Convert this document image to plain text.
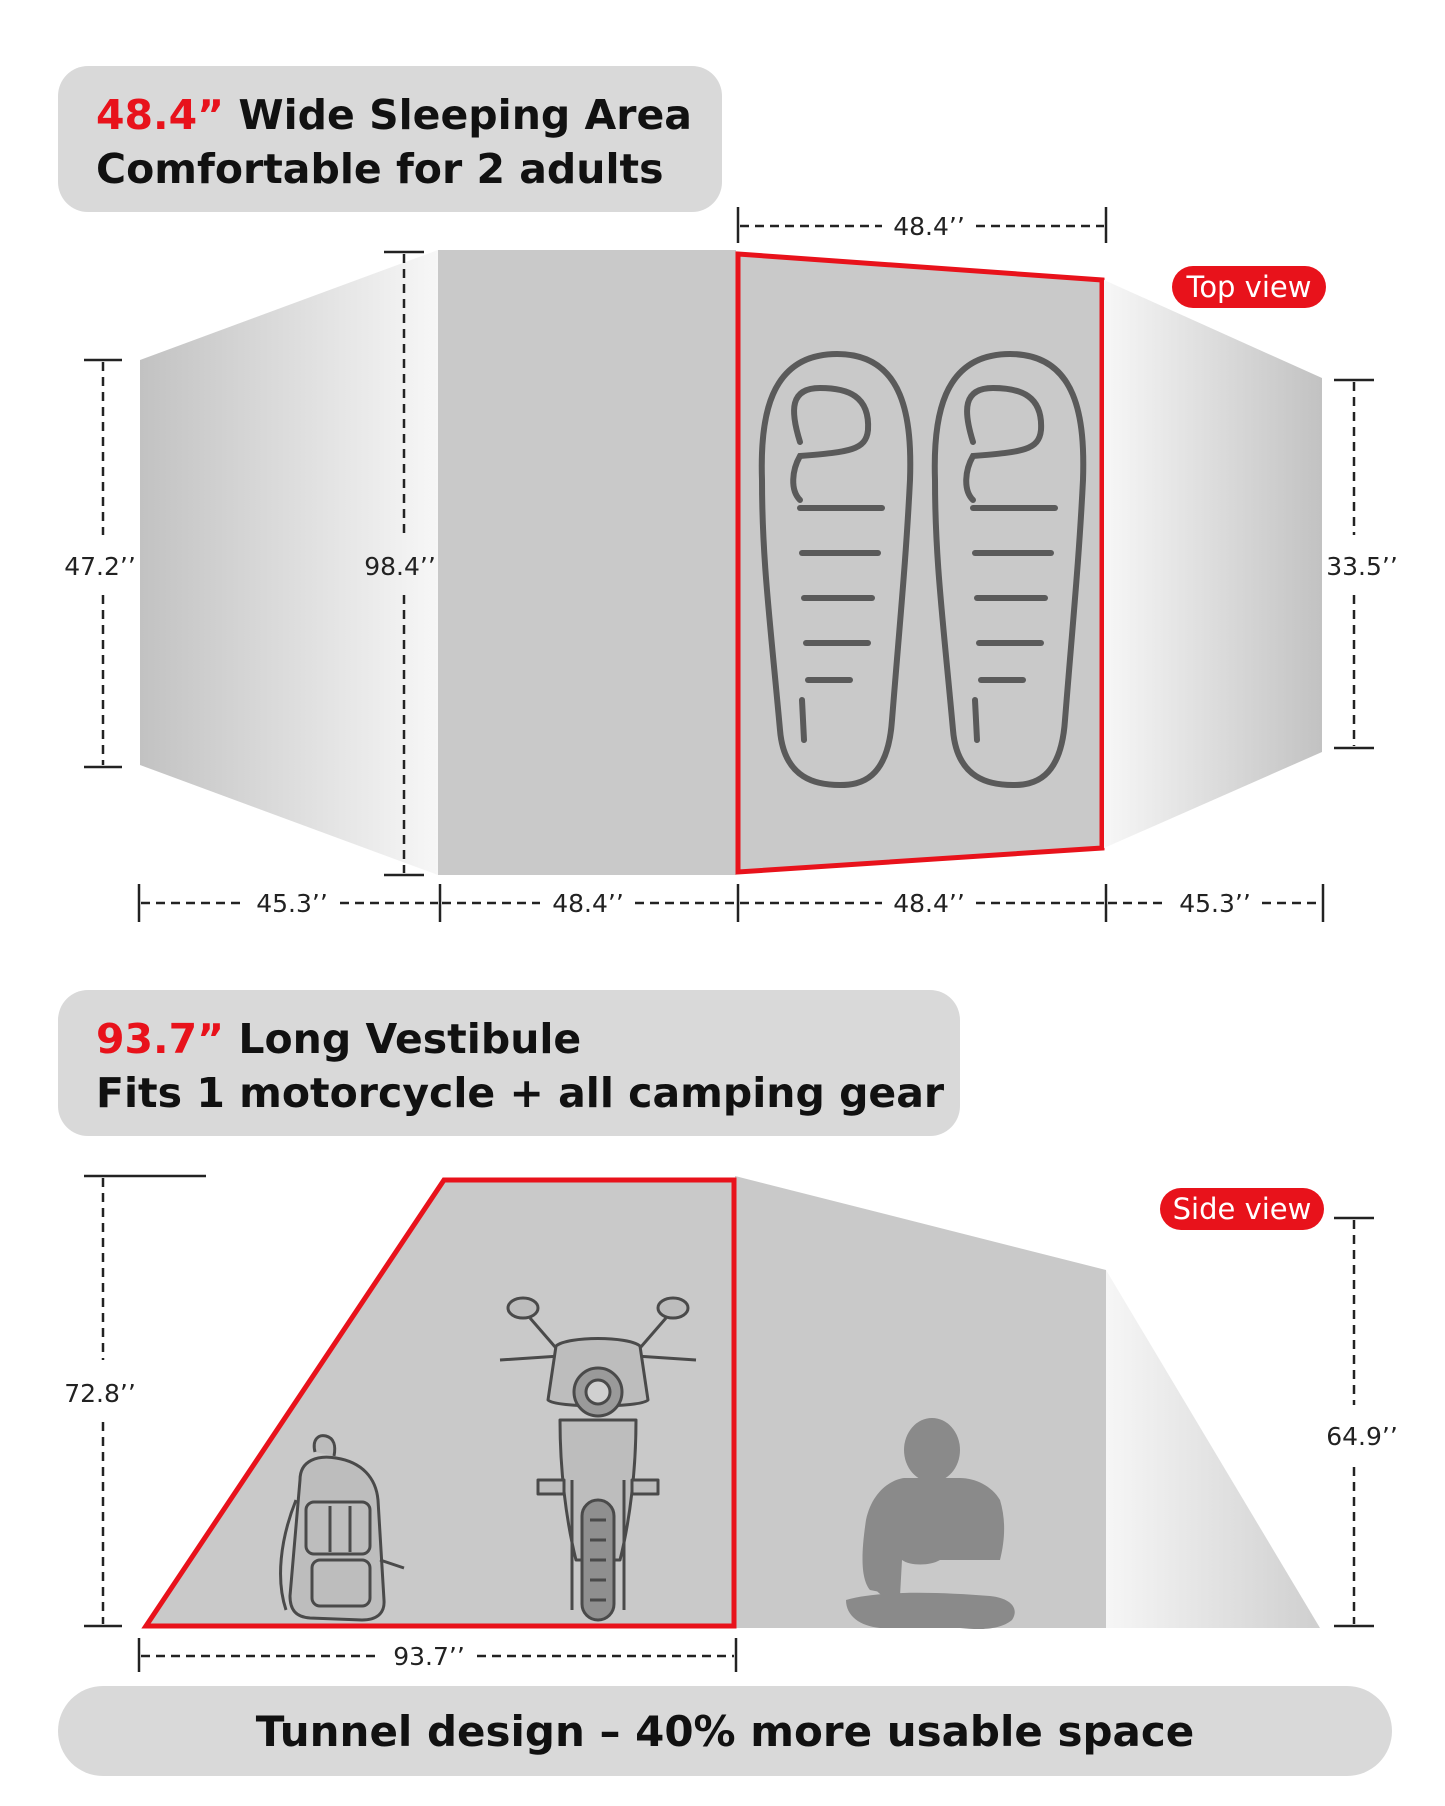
48.4” Wide Sleeping Area
Comfortable for 2 adults
93.7” Long Vestibule
Fits 1 motorcycle + all camping gear
Top view
48.4’’
47.2’’	98.4’’	33.5’’
45.3’’	48.4’’	48.4’’	45.3’’
Side view
72.8’’
64.9’’
93.7’’
Tunnel design – 40% more usable space
